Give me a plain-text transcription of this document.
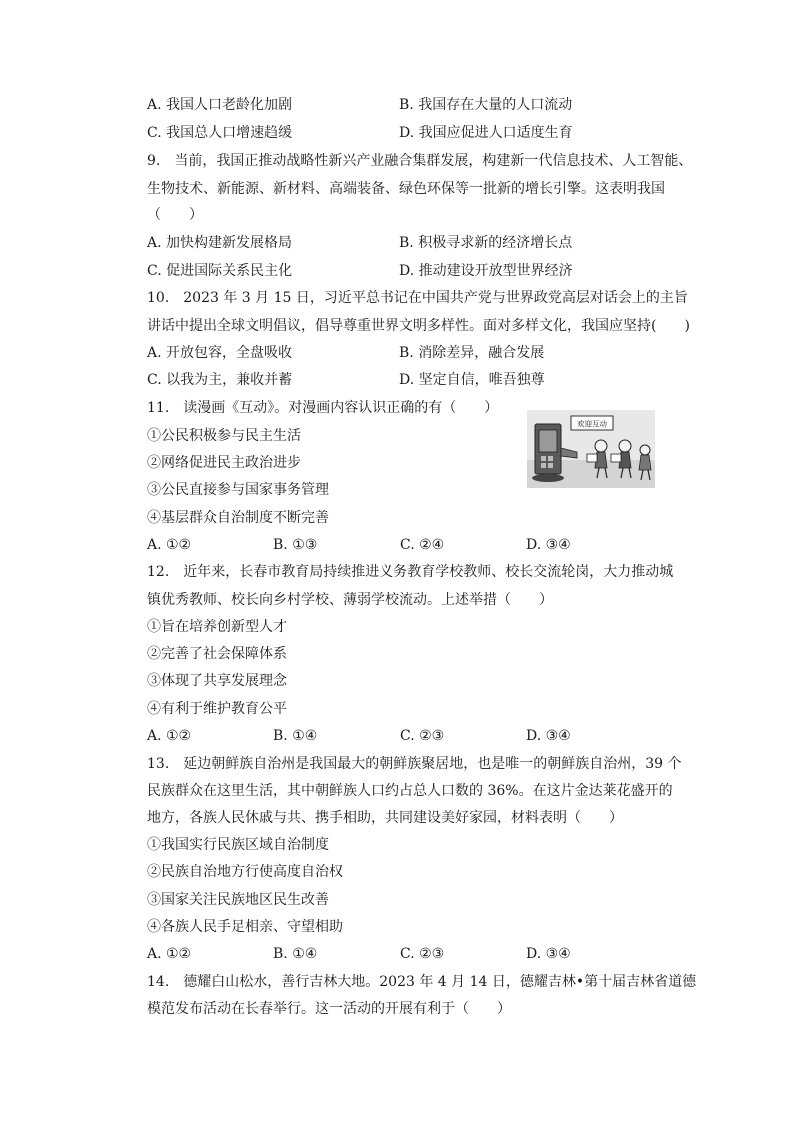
A. 我国人口老龄化加剧	B. 我国存在大量的人口流动
C. 我国总人口增速趋缓	D. 我国应促进人口适度生育
9.　当前，我国正推动战略性新兴产业融合集群发展，构建新一代信息技术、人工智能、
生物技术、新能源、新材料、高端装备、绿色环保等一批新的增长引擎。这表明我国
（　　）
A. 加快构建新发展格局	B. 积极寻求新的经济增长点
C. 促进国际关系民主化	D. 推动建设开放型世界经济
10.　2023 年 3 月 15 日，习近平总书记在中国共产党与世界政党高层对话会上的主旨
讲话中提出全球文明倡议，倡导尊重世界文明多样性。面对多样文化，我国应坚持(　　)
A. 开放包容，全盘吸收	B. 消除差异，融合发展
C. 以我为主，兼收并蓄	D. 坚定自信，唯吾独尊
11.　读漫画《互动》。对漫画内容认识正确的有（　　）
①公民积极参与民主生活
②网络促进民主政治进步
③公民直接参与国家事务管理
④基层群众自治制度不断完善
A. ①②	B. ①③	C. ②④	D. ③④
欢迎互动
12.　近年来，长春市教育局持续推进义务教育学校教师、校长交流轮岗，大力推动城
镇优秀教师、校长向乡村学校、薄弱学校流动。上述举措（　　）
①旨在培养创新型人才
②完善了社会保障体系
③体现了共享发展理念
④有利于维护教育公平
A. ①②	B. ①④	C. ②③	D. ③④
13.　延边朝鲜族自治州是我国最大的朝鲜族聚居地，也是唯一的朝鲜族自治州，39 个
民族群众在这里生活，其中朝鲜族人口约占总人口数的 36%。在这片金达莱花盛开的
地方，各族人民休戚与共、携手相助，共同建设美好家园，材料表明（　　）
①我国实行民族区域自治制度
②民族自治地方行使高度自治权
③国家关注民族地区民生改善
④各族人民手足相亲、守望相助
A. ①②	B. ①④	C. ②③	D. ③④
14.　德耀白山松水，善行吉林大地。2023 年 4 月 14 日，德耀吉林•第十届吉林省道德
模范发布活动在长春举行。这一活动的开展有利于（　　）
